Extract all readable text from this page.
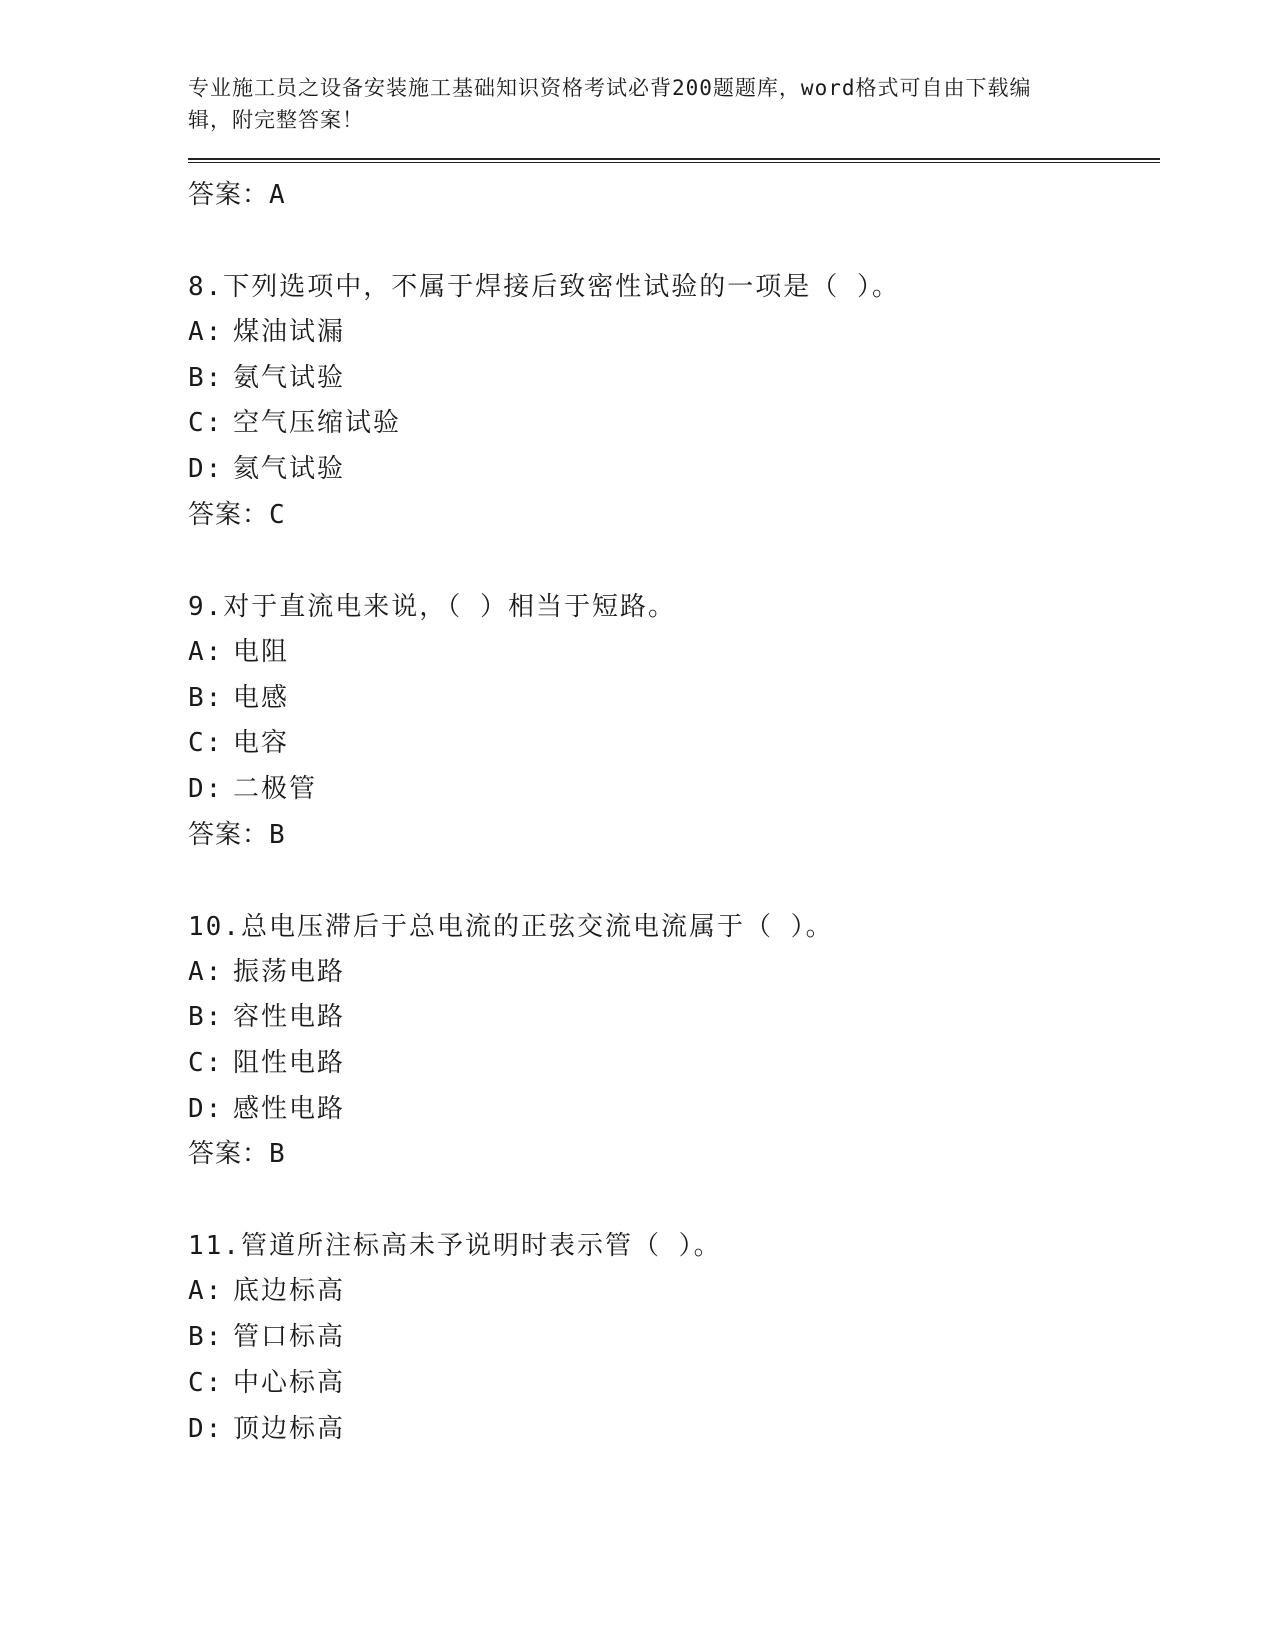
专业施工员之设备安装施工基础知识资格考试必背200题题库，word格式可自由下载编辑，附完整答案！

答案：A

8.下列选项中，不属于焊接后致密性试验的一项是（ ）。

A: 煤油试漏

B: 氨气试验

C: 空气压缩试验

D: 氦气试验

答案：C

9.对于直流电来说，（ ）相当于短路。

A: 电阻

B: 电感

C: 电容

D: 二极管

答案：B

10.总电压滞后于总电流的正弦交流电流属于（ ）。

A: 振荡电路

B: 容性电路

C: 阻性电路

D: 感性电路

答案：B

11.管道所注标高未予说明时表示管（ ）。

A: 底边标高

B: 管口标高

C: 中心标高

D: 顶边标高
